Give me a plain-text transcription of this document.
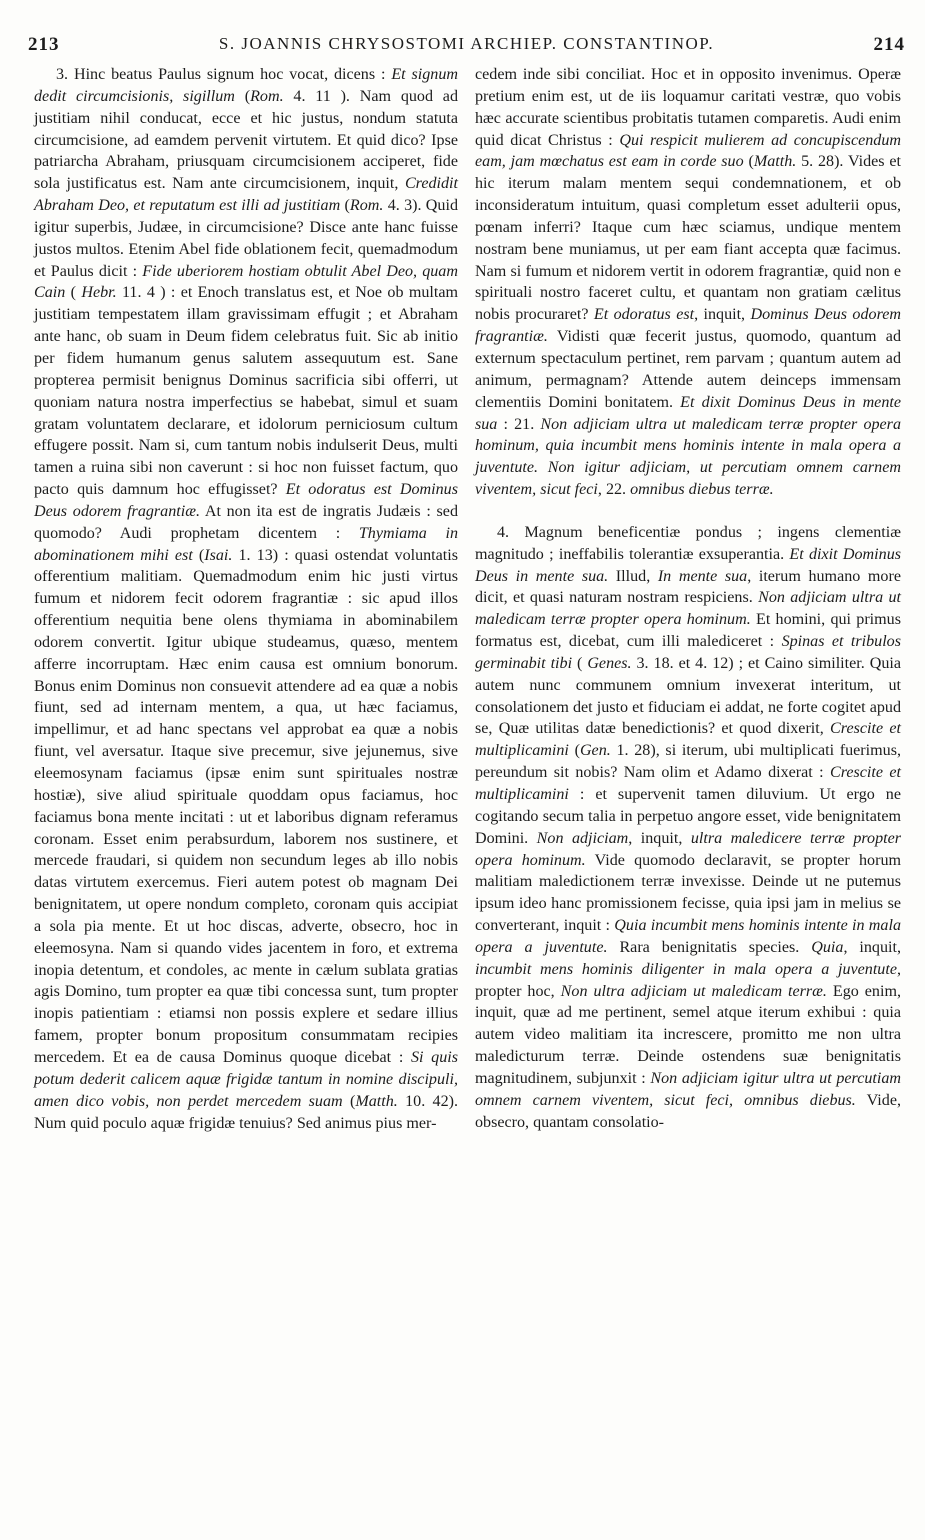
213	S. JOANNIS CHRYSOSTOMI ARCHIEP. CONSTANTINOP.	214

3. Hinc beatus Paulus signum hoc vocat, dicens : Et signum dedit circumcisionis, sigillum (Rom. 4. 11 ). Nam quod ad justitiam nihil conducat, ecce et hic justus, nondum statuta circumcisione, ad eamdem pervenit virtutem. Et quid dico? Ipse patriarcha Abraham, priusquam circumcisionem acciperet, fide sola justificatus est. Nam ante circumcisionem, inquit, Credidit Abraham Deo, et reputatum est illi ad justitiam (Rom. 4. 3). Quid igitur superbis, Judæe, in circumcisione? Disce ante hanc fuisse justos multos. Etenim Abel fide oblationem fecit, quemadmodum et Paulus dicit : Fide uberiorem hostiam obtulit Abel Deo, quam Cain ( Hebr. 11. 4 ) : et Enoch translatus est, et Noe ob multam justitiam tempestatem illam gravissimam effugit ; et Abraham ante hanc, ob suam in Deum fidem celebratus fuit. Sic ab initio per fidem humanum genus salutem assequutum est. Sane propterea permisit benignus Dominus sacrificia sibi offerri, ut quoniam natura nostra imperfectius se habebat, simul et suam gratam voluntatem declarare, et idolorum perniciosum cultum effugere possit. Nam si, cum tantum nobis indulserit Deus, multi tamen a ruina sibi non caverunt : si hoc non fuisset factum, quo pacto quis damnum hoc effugisset? Et odoratus est Dominus Deus odorem fragrantiæ. At non ita est de ingratis Judæis : sed quomodo? Audi prophetam dicentem : Thymiama in abominationem mihi est (Isai. 1. 13) : quasi ostendat voluntatis offerentium malitiam. Quemadmodum enim hic justi virtus fumum et nidorem fecit odorem fragrantiæ : sic apud illos offerentium nequitia bene olens thymiama in abominabilem odorem convertit. Igitur ubique studeamus, quæso, mentem afferre incorruptam. Hæc enim causa est omnium bonorum. Bonus enim Dominus non consuevit attendere ad ea quæ a nobis fiunt, sed ad internam mentem, a qua, ut hæc faciamus, impellimur, et ad hanc spectans vel approbat ea quæ a nobis fiunt, vel aversatur. Itaque sive precemur, sive jejunemus, sive eleemosynam faciamus (ipsæ enim sunt spirituales nostræ hostiæ), sive aliud spirituale quoddam opus faciamus, hoc faciamus bona mente incitati : ut et laboribus dignam referamus coronam. Esset enim perabsurdum, laborem nos sustinere, et mercede fraudari, si quidem non secundum leges ab illo nobis datas virtutem exercemus. Fieri autem potest ob magnam Dei benignitatem, ut opere nondum completo, coronam quis accipiat a sola pia mente. Et ut hoc discas, adverte, obsecro, hoc in eleemosyna. Nam si quando vides jacentem in foro, et extrema inopia detentum, et condoles, ac mente in cælum sublata gratias agis Domino, tum propter ea quæ tibi concessa sunt, tum propter inopis patientiam : etiamsi non possis explere et sedare illius famem, propter bonum propositum consummatam recipies mercedem. Et ea de causa Dominus quoque dicebat : Si quis potum dederit calicem aquæ frigidæ tantum in nomine discipuli, amen dico vobis, non perdet mercedem suam (Matth. 10. 42). Num quid poculo aquæ frigidæ tenuius? Sed animus pius mer-

cedem inde sibi conciliat. Hoc et in opposito invenimus. Operæ pretium enim est, ut de iis loquamur caritati vestræ, quo vobis hæc accurate scientibus probitatis tutamen comparetis. Audi enim quid dicat Christus : Qui respicit mulierem ad concupiscendum eam, jam mœchatus est eam in corde suo (Matth. 5. 28). Vides et hic iterum malam mentem sequi condemnationem, et ob inconsideratum intuitum, quasi completum esset adulterii opus, pœnam inferri? Itaque cum hæc sciamus, undique mentem nostram bene muniamus, ut per eam fiant accepta quæ facimus. Nam si fumum et nidorem vertit in odorem fragrantiæ, quid non e spirituali nostro faceret cultu, et quantam non gratiam cælitus nobis procuraret? Et odoratus est, inquit, Dominus Deus odorem fragrantiæ. Vidisti quæ fecerit justus, quomodo, quantum ad externum spectaculum pertinet, rem parvam ; quantum autem ad animum, permagnam? Attende autem deinceps immensam clementiis Domini bonitatem. Et dixit Dominus Deus in mente sua : 21. Non adjiciam ultra ut maledicam terræ propter opera hominum, quia incumbit mens hominis intente in mala opera a juventute. Non igitur adjiciam, ut percutiam omnem carnem viventem, sicut feci, 22. omnibus diebus terræ.

4. Magnum beneficentiæ pondus ; ingens clementiæ magnitudo ; ineffabilis tolerantiæ exsuperantia. Et dixit Dominus Deus in mente sua. Illud, In mente sua, iterum humano more dicit, et quasi naturam nostram respiciens. Non adjiciam ultra ut maledicam terræ propter opera hominum. Et homini, qui primus formatus est, dicebat, cum illi malediceret : Spinas et tribulos germinabit tibi ( Genes. 3. 18. et 4. 12) ; et Caino similiter. Quia autem nunc communem omnium invexerat interitum, ut consolationem det justo et fiduciam ei addat, ne forte cogitet apud se, Quæ utilitas datæ benedictionis? et quod dixerit, Crescite et multiplicamini (Gen. 1. 28), si iterum, ubi multiplicati fuerimus, pereundum sit nobis? Nam olim et Adamo dixerat : Crescite et multiplicamini : et supervenit tamen diluvium. Ut ergo ne cogitando secum talia in perpetuo angore esset, vide benignitatem Domini. Non adjiciam, inquit, ultra maledicere terræ propter opera hominum. Vide quomodo declaravit, se propter horum malitiam maledictionem terræ invexisse. Deinde ut ne putemus ipsum ideo hanc promissionem fecisse, quia ipsi jam in melius se converterant, inquit : Quia incumbit mens hominis intente in mala opera a juventute. Rara benignitatis species. Quia, inquit, incumbit mens hominis diligenter in mala opera a juventute, propter hoc, Non ultra adjiciam ut maledicam terræ. Ego enim, inquit, quæ ad me pertinent, semel atque iterum exhibui : quia autem video malitiam ita increscere, promitto me non ultra maledicturum terræ. Deinde ostendens suæ benignitatis magnitudinem, subjunxit : Non adjiciam igitur ultra ut percutiam omnem carnem viventem, sicut feci, omnibus diebus. Vide, obsecro, quantam consolatio-
